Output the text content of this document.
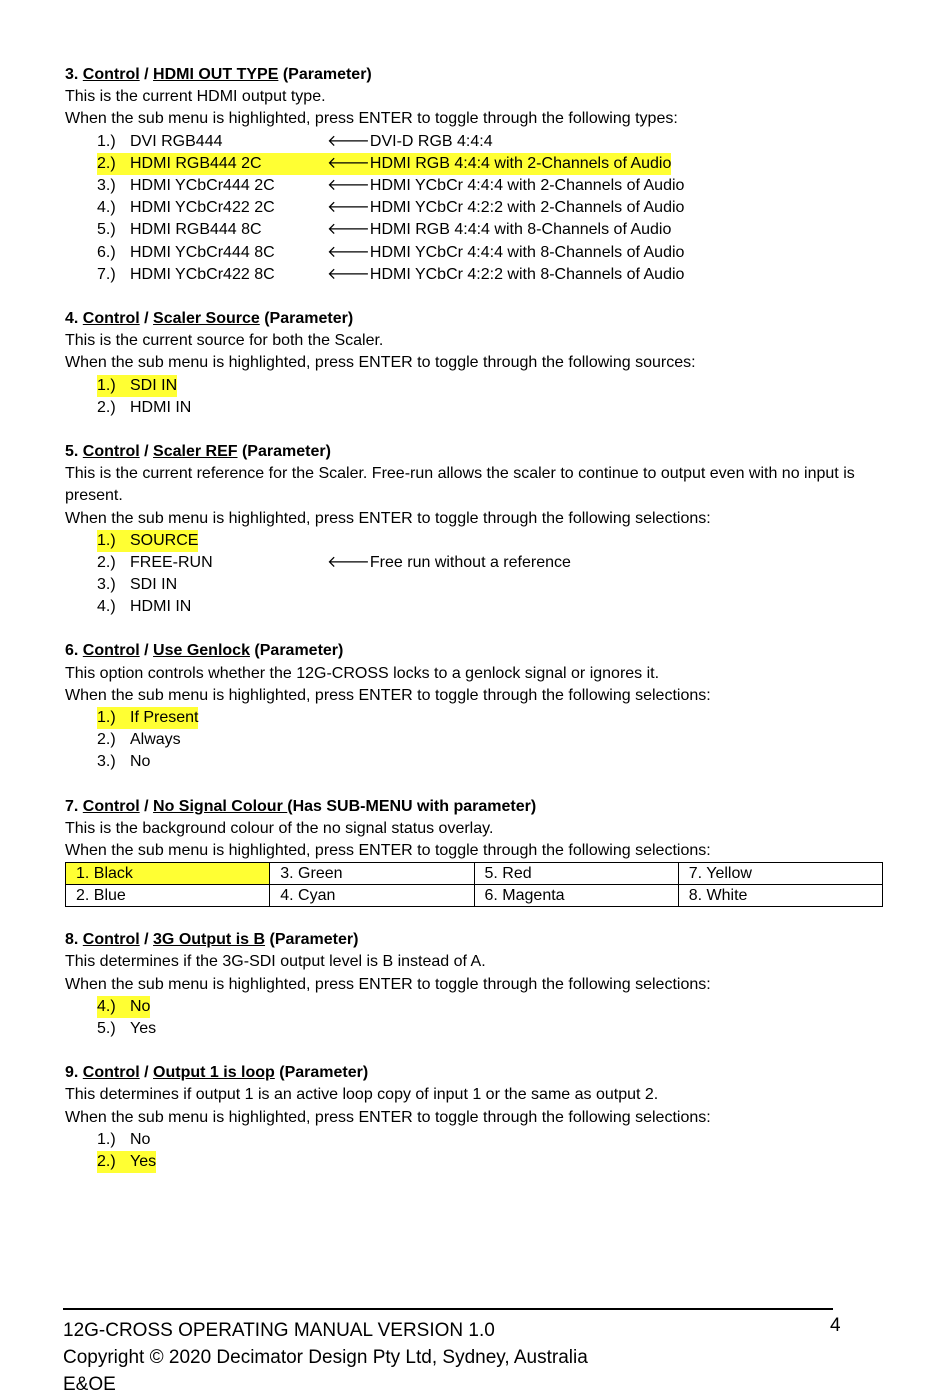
3. Control / HDMI OUT TYPE (Parameter)
This is the current HDMI output type.
When the sub menu is highlighted, press ENTER to toggle through the following types:
1.) DVI RGB444	🡐DVI-D RGB 4:4:4
2.) HDMI RGB444 2C	🡐HDMI RGB 4:4:4 with 2-Channels of Audio
3.) HDMI YCbCr444 2C	🡐HDMI YCbCr 4:4:4 with 2-Channels of Audio
4.) HDMI YCbCr422 2C	🡐HDMI YCbCr 4:2:2 with 2-Channels of Audio
5.) HDMI RGB444 8C	🡐HDMI RGB 4:4:4 with 8-Channels of Audio
6.) HDMI YCbCr444 8C	🡐HDMI YCbCr 4:4:4 with 8-Channels of Audio
7.) HDMI YCbCr422 8C	🡐HDMI YCbCr 4:2:2 with 8-Channels of Audio
4. Control / Scaler Source (Parameter)
This is the current source for both the Scaler.
When the sub menu is highlighted, press ENTER to toggle through the following sources:
1.) SDI IN
2.) HDMI IN
5. Control / Scaler REF (Parameter)
This is the current reference for the Scaler. Free-run allows the scaler to continue to output even with no input is present.
When the sub menu is highlighted, press ENTER to toggle through the following selections:
1.) SOURCE
2.) FREE-RUN	🡐Free run without a reference
3.) SDI IN
4.) HDMI IN
6. Control / Use Genlock (Parameter)
This option controls whether the 12G-CROSS locks to a genlock signal or ignores it.
When the sub menu is highlighted, press ENTER to toggle through the following selections:
1.) If Present
2.) Always
3.) No
7. Control / No Signal Colour (Has SUB-MENU with parameter)
This is the background colour of the no signal status overlay.
When the sub menu is highlighted, press ENTER to toggle through the following selections:
1. Black	3. Green	5. Red	7. Yellow
2. Blue	4. Cyan	6. Magenta	8. White
8. Control / 3G Output is B (Parameter)
This determines if the 3G-SDI output level is B instead of A.
When the sub menu is highlighted, press ENTER to toggle through the following selections:
4.) No
5.) Yes
9. Control / Output 1 is loop (Parameter)
This determines if output 1 is an active loop copy of input 1 or the same as output 2.
When the sub menu is highlighted, press ENTER to toggle through the following selections:
1.) No
2.) Yes
12G-CROSS OPERATING MANUAL VERSION 1.0
Copyright © 2020 Decimator Design Pty Ltd, Sydney, Australia
E&OE
4
